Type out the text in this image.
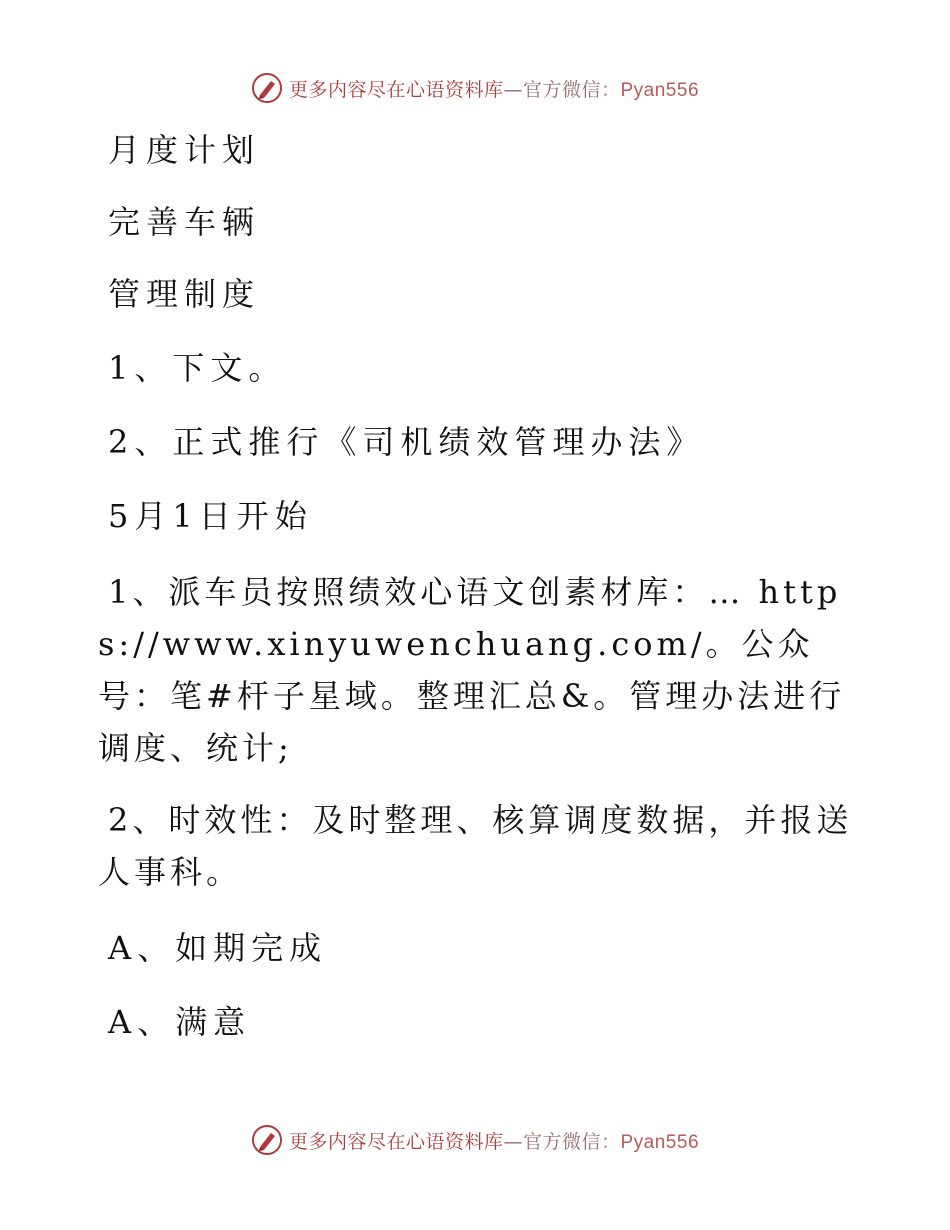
更多内容尽在心语资料库—官方微信：Pyan556

月度计划

完善车辆

管理制度

1、下文。

2、正式推行《司机绩效管理办法》

5月1日开始

1、派车员按照绩效心语文创素材库：… https://www.xinyuwenchuang.com/。公众号：笔#杆子星域。整理汇总&。管理办法进行调度、统计;

2、时效性：及时整理、核算调度数据，并报送人事科。

A、如期完成

A、满意

更多内容尽在心语资料库—官方微信：Pyan556
